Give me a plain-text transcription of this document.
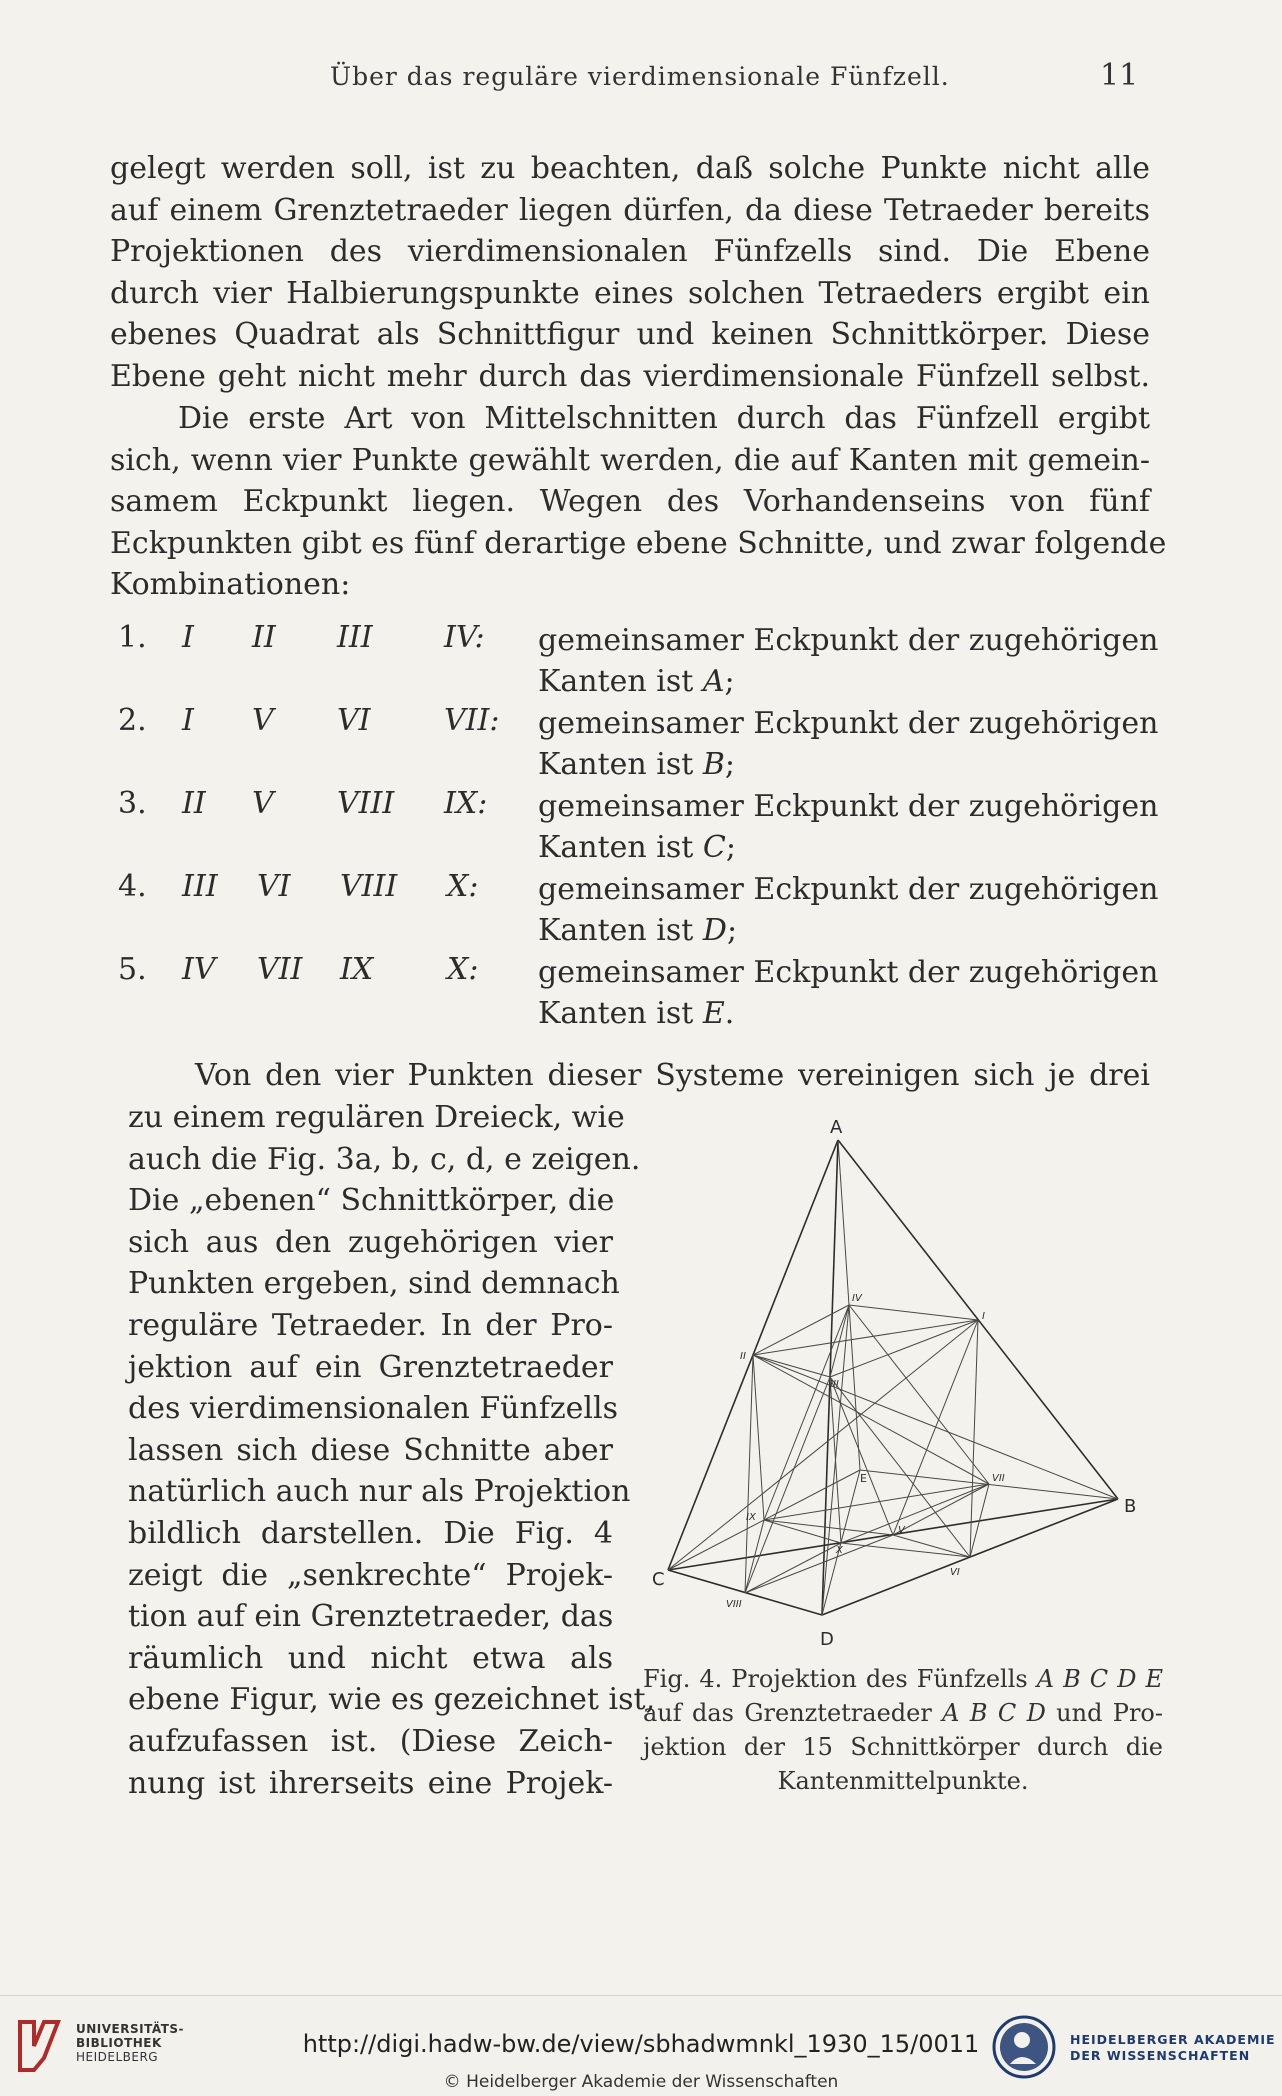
Über das reguläre vierdimensionale Fünfzell.	11
gelegt werden soll, ist zu beachten, daß solche Punkte nicht alle
auf einem Grenztetraeder liegen dürfen, da diese Tetraeder bereits
Projektionen des vierdimensionalen Fünfzells sind. Die Ebene
durch vier Halbierungspunkte eines solchen Tetraeders ergibt ein
ebenes Quadrat als Schnittfigur und keinen Schnittkörper. Diese
Ebene geht nicht mehr durch das vierdimensionale Fünfzell selbst.
Die erste Art von Mittelschnitten durch das Fünfzell ergibt
sich, wenn vier Punkte gewählt werden, die auf Kanten mit gemein-
samem Eckpunkt liegen. Wegen des Vorhandenseins von fünf
Eckpunkten gibt es fünf derartige ebene Schnitte, und zwar folgende
Kombinationen:
1. I II III IV: gemeinsamer Eckpunkt der zugehörigen
Kanten ist A;
2. I V VI VII: gemeinsamer Eckpunkt der zugehörigen
Kanten ist B;
3. II V VIII IX: gemeinsamer Eckpunkt der zugehörigen
Kanten ist C;
4. III VI VIII X: gemeinsamer Eckpunkt der zugehörigen
Kanten ist D;
5. IV VII IX X: gemeinsamer Eckpunkt der zugehörigen
Kanten ist E.
Von den vier Punkten dieser Systeme vereinigen sich je drei
zu einem regulären Dreieck, wie
auch die Fig. 3a, b, c, d, e zeigen.
Die „ebenen“ Schnittkörper, die
sich aus den zugehörigen vier
Punkten ergeben, sind demnach
reguläre Tetraeder. In der Pro-
jektion auf ein Grenztetraeder
des vierdimensionalen Fünfzells
lassen sich diese Schnitte aber
natürlich auch nur als Projektion
bildlich darstellen. Die Fig. 4
zeigt die „senkrechte“ Projek-
tion auf ein Grenztetraeder, das
räumlich und nicht etwa als
ebene Figur, wie es gezeichnet ist,
aufzufassen ist. (Diese Zeich-
nung ist ihrerseits eine Projek-
A
B
C
D
E
I
II
III
IV
VI
VII
VIII
IX
X
V
Fig. 4. Projektion des Fünfzells A B C D E
auf das Grenztetraeder A B C D und Pro-
jektion der 15 Schnittkörper durch die
Kantenmittelpunkte.
UNIVERSITÄTS-
BIBLIOTHEK
HEIDELBERG	http://digi.hadw-bw.de/view/sbhadwmnkl_1930_15/0011
© Heidelberger Akademie der Wissenschaften
HEIDELBERGER AKADEMIE
DER WISSENSCHAFTEN
